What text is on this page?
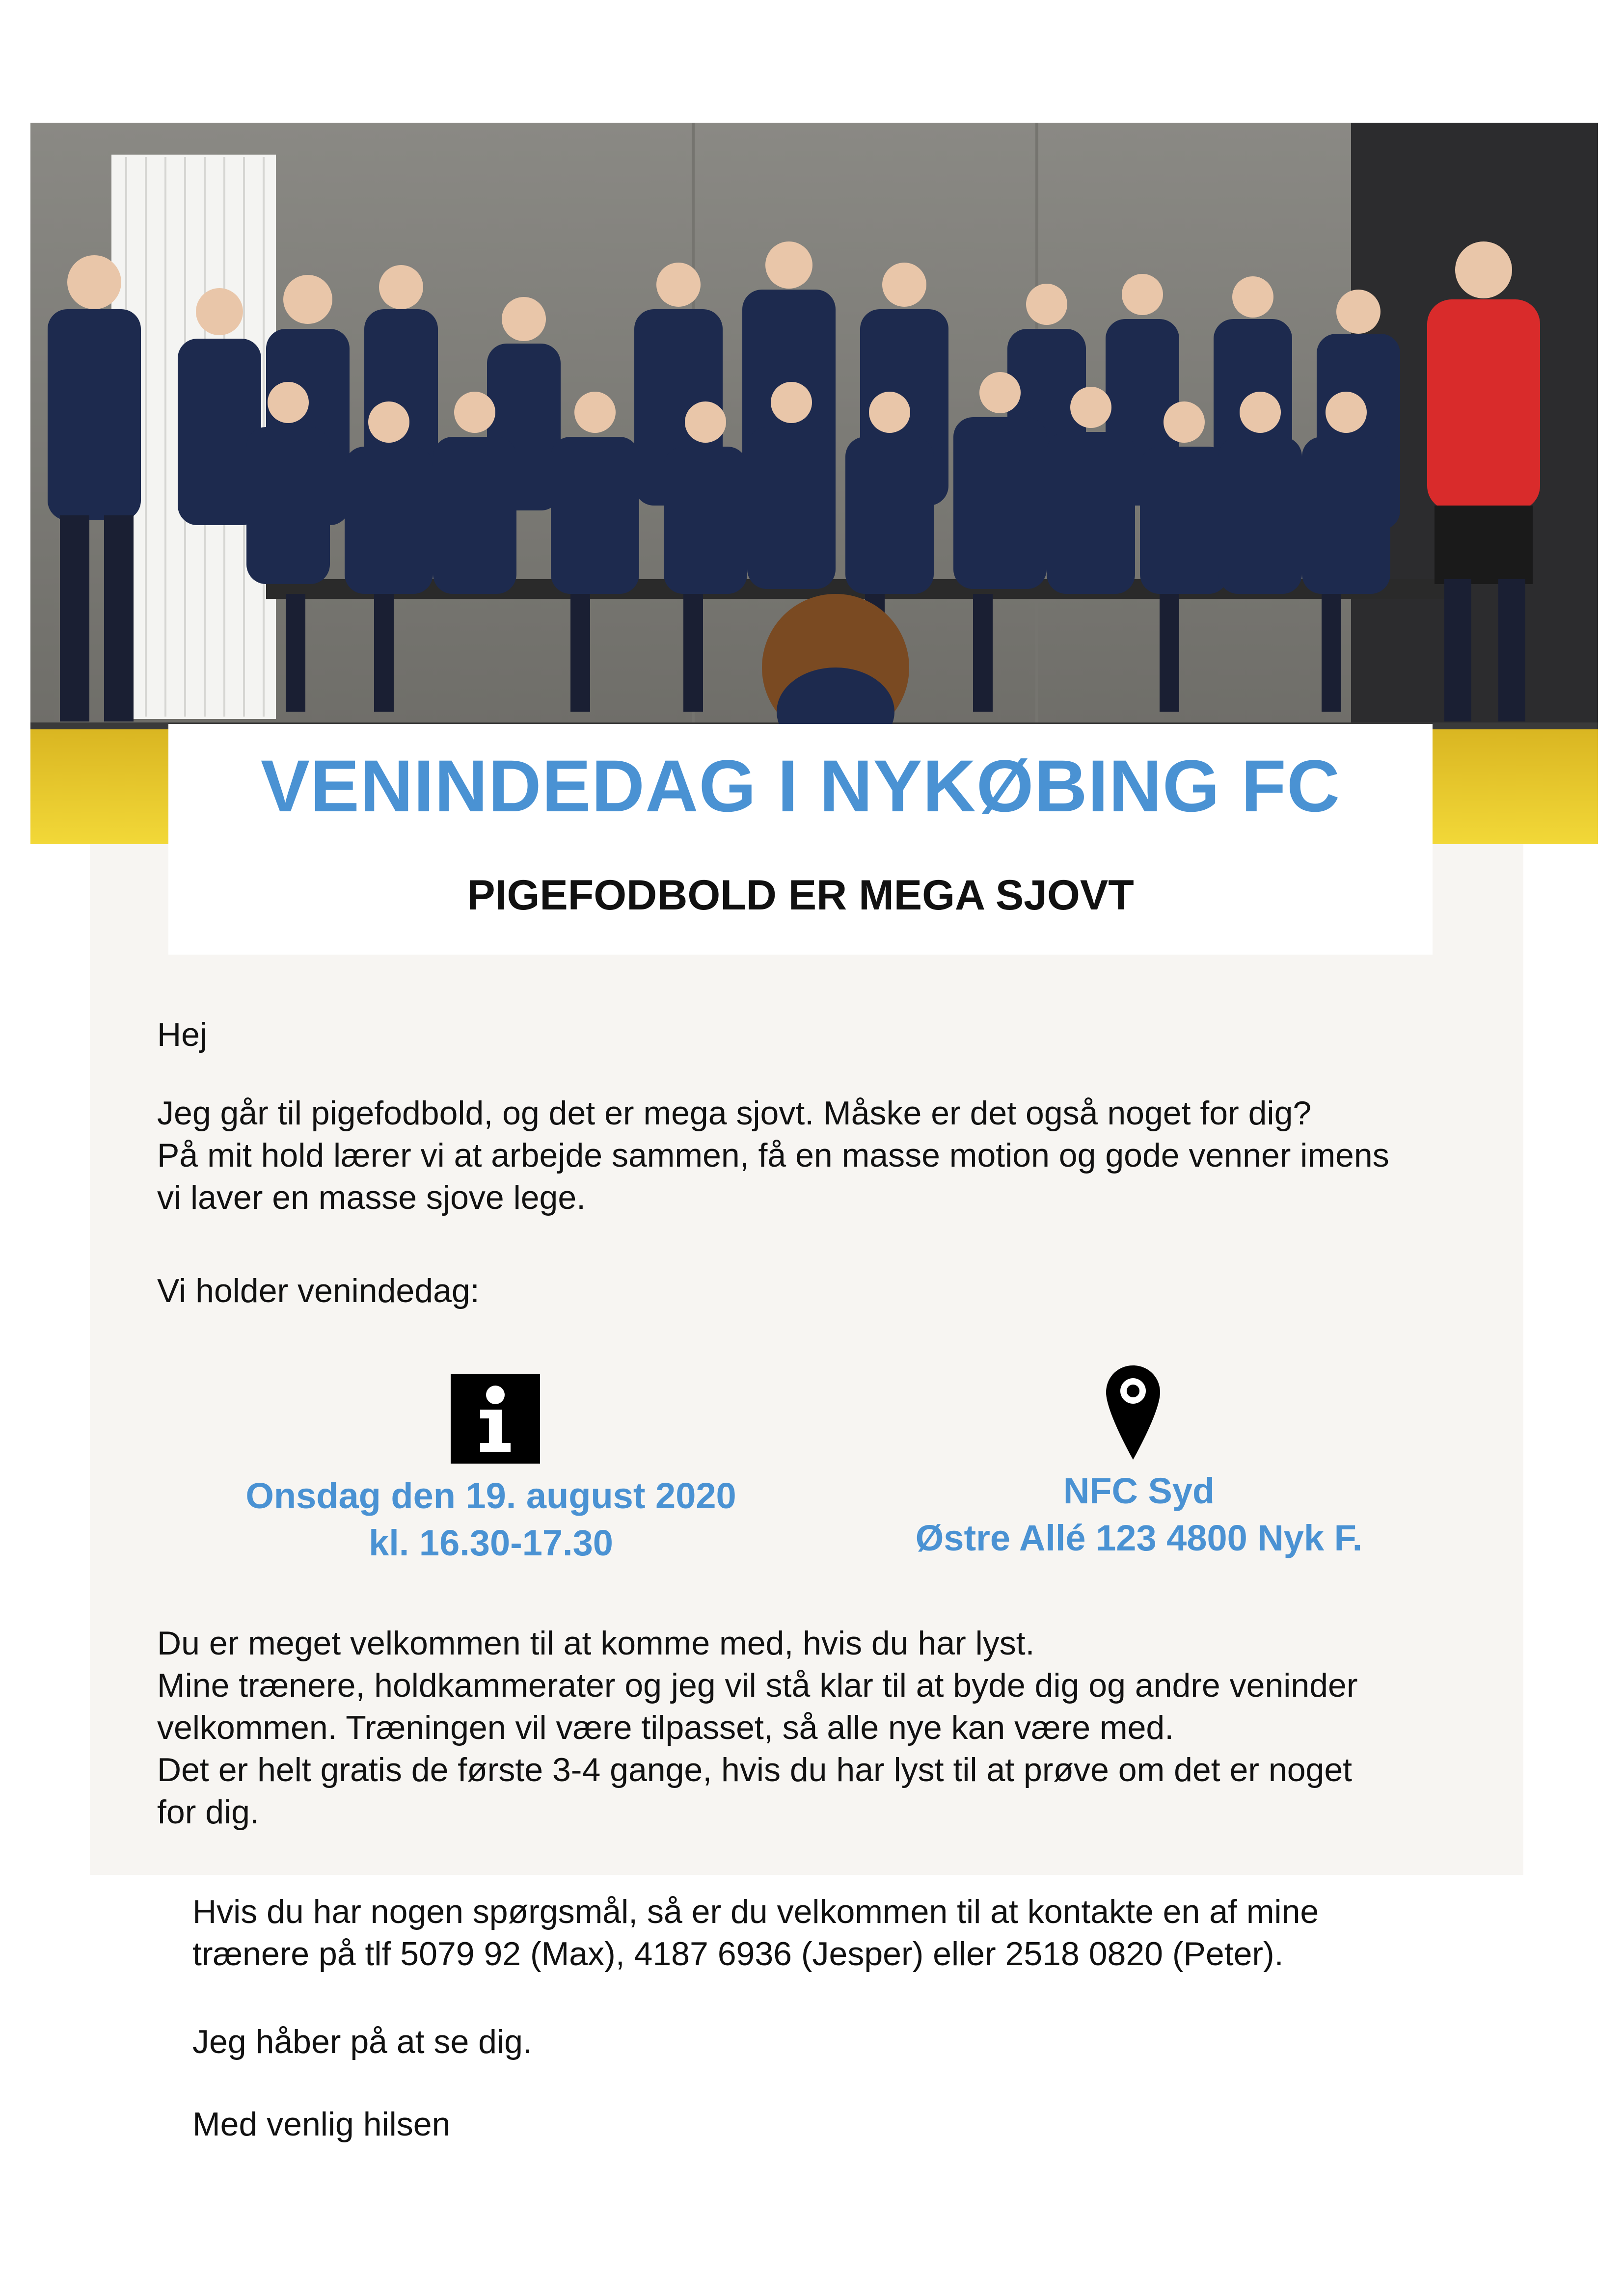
VENINDEDAG I NYKØBING FC
PIGEFODBOLD ER MEGA SJOVT
Hej
Jeg går til pigefodbold, og det er mega sjovt. Måske er det også noget for dig?
På mit hold lærer vi at arbejde sammen, få en masse motion og gode venner imens
vi laver en masse sjove lege.
Vi holder venindedag:
Onsdag den 19. august 2020
kl. 16.30-17.30
NFC Syd
Østre Allé 123 4800 Nyk F.
Du er meget velkommen til at komme med, hvis du har lyst.
Mine trænere, holdkammerater og jeg vil stå klar til at byde dig og andre veninder
velkommen. Træningen vil være tilpasset, så alle nye kan være med.
Det er helt gratis de første 3-4 gange, hvis du har lyst til at prøve om det er noget
for dig.
Hvis du har nogen spørgsmål, så er du velkommen til at kontakte en af mine
trænere på tlf 5079 92 (Max), 4187 6936 (Jesper) eller 2518 0820 (Peter).
Jeg håber på at se dig.
Med venlig hilsen
